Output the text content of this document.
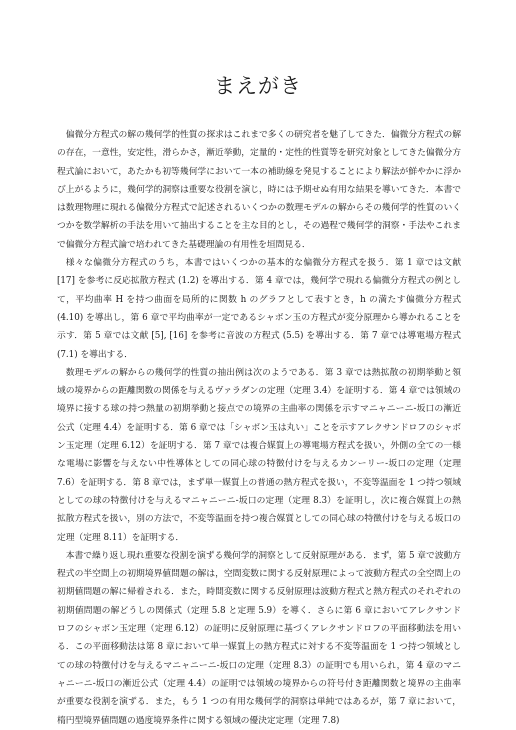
まえがき

偏微分方程式の解の幾何学的性質の探求はこれまで多くの研究者を魅了してきた．偏微分方程式の解の存在，一意性，安定性，滑らかさ，漸近挙動，定量的・定性的性質等を研究対象としてきた偏微分方程式論において，あたかも初等幾何学において一本の補助線を発見することにより解法が鮮やかに浮かび上がるように，幾何学的洞察は重要な役割を演じ，時には予期せぬ有用な結果を導いてきた．本書では数理物理に現れる偏微分方程式で記述されるいくつかの数理モデルの解からその幾何学的性質のいくつかを数学解析の手法を用いて抽出することを主な目的とし，その過程で幾何学的洞察・手法やこれまで偏微分方程式論で培われてきた基礎理論の有用性を垣間見る．

様々な偏微分方程式のうち，本書ではいくつかの基本的な偏微分方程式を扱う．第 1 章では文献 [17] を参考に反応拡散方程式 (1.2) を導出する．第 4 章では，幾何学で現れる偏微分方程式の例として，平均曲率 H を持つ曲面を局所的に関数 h のグラフとして表すとき，h の満たす偏微分方程式 (4.10) を導出し，第 6 章で平均曲率が一定であるシャボン玉の方程式が変分原理から導かれることを示す．第 5 章では文献 [5], [16] を参考に音波の方程式 (5.5) を導出する．第 7 章では導電場方程式 (7.1) を導出する．

数理モデルの解からの幾何学的性質の抽出例は次のようである．第 3 章では熱拡散の初期挙動と領域の境界からの距離関数の関係を与えるヴァラダンの定理（定理 3.4）を証明する．第 4 章では領域の境界に接する球の持つ熱量の初期挙動と接点での境界の主曲率の関係を示すマニャニーニ-坂口の漸近公式（定理 4.4）を証明する．第 6 章では「シャボン玉は丸い」ことを示すアレクサンドロフのシャボン玉定理（定理 6.12）を証明する．第 7 章では複合媒質上の導電場方程式を扱い，外側の全ての一様な電場に影響を与えない中性導体としての同心球の特徴付けを与えるカンーリー-坂口の定理（定理 7.6）を証明する．第 8 章では，まず単一媒質上の普通の熱方程式を扱い，不変等温面を 1 つ持つ領域としての球の特徴付けを与えるマニャニーニ-坂口の定理（定理 8.3）を証明し，次に複合媒質上の熱拡散方程式を扱い，別の方法で，不変等温面を持つ複合媒質としての同心球の特徴付けを与える坂口の定理（定理 8.11）を証明する．

本書で繰り返し現れ重要な役割を演ずる幾何学的洞察として反射原理がある．まず，第 5 章で波動方程式の半空間上の初期境界値問題の解は，空間変数に関する反射原理によって波動方程式の全空間上の初期値問題の解に帰着される．また，時間変数に関する反射原理は波動方程式と熱方程式のそれぞれの初期値問題の解どうしの関係式（定理 5.8 と定理 5.9）を導く．さらに第 6 章においてアレクサンドロフのシャボン玉定理（定理 6.12）の証明に反射原理に基づくアレクサンドロフの平面移動法を用いる．この平面移動法は第 8 章において単一媒質上の熱方程式に対する不変等温面を 1 つ持つ領域としての球の特徴付けを与えるマニャニーニ-坂口の定理（定理 8.3）の証明でも用いられ，第 4 章のマニャニーニ-坂口の漸近公式（定理 4.4）の証明では領域の境界からの符号付き距離関数と境界の主曲率が重要な役割を演ずる．また，もう 1 つの有用な幾何学的洞察は単純ではあるが，第 7 章において，楕円型境界値問題の過度境界条件に関する領域の優決定定理（定理 7.8)
